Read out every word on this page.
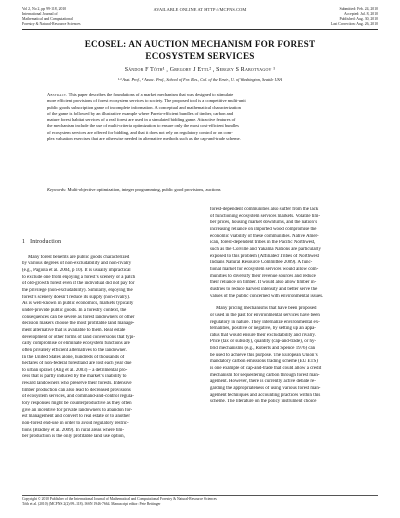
Vol 2, No 2, pp 99-118, 2010
International Journal of
Mathematical and Computational
Forestry & Natural-Resource Sciences
AVAILABLE ONLINE AT HTTP://MCFNS.COM	Submitted: Feb. 24, 2010
Accepted: Jul. 8, 2010
Published: Aug. 30, 2010
Last Correction: Aug. 26, 2010
ECOSEL: AN AUCTION MECHANISM FOR FOREST
ECOSYSTEM SERVICES
Sándor F Tóth¹ , Gregory J Ettl² , Sergey S Rabotyagov ¹
¹·³ Asst. Prof., ² Assoc. Prof., School of For. Res., Col. of the Envir., U. of Washington, Seattle USA
Abstract. This paper describes the foundations of a market mechanism that was designed to stimulate
more efficient provisions of forest ecosystem services to society. The proposed tool is a competitive multi-unit
public goods subscription game of incomplete information. A conceptual and mathematical characterization
of the game is followed by an illustrative example where Pareto-efficient bundles of timber, carbon and
mature forest habitat services of a real forest are used in a simulated bidding game. Attractive features of
the mechanism include the use of multi-criteria optimization to ensure only the most cost-efficient bundles
of ecosystem services are offered for bidding, and that it does not rely on regulatory control or on com-
plex valuation exercises that are otherwise needed in alternative methods such as the cap-and-trade scheme.
Keywords: Multi-objective optimization, integer programming, public good provisions, auctions
1 Introduction
Many forest benefits are public goods characterized
by various degrees of non-excludability and non-rivalry
(e.g., Pagiola et al. 2004, p 10). It is usually impractical
to exclude one from enjoying a forest’s scenery or a patch
of old-growth forest even if the individual did not pay for
the privilege (non-excludability). Similarly, enjoying the
forest’s scenery doesn’t reduce its supply (non-rivalry).
As is well-known in public economics, markets typically
under-provide public goods. In a forestry context, the
consequences can be severe as forest landowners or other
decision makers choose the most profitable land manage-
ment alternative that is available to them. Real estate
development or other forms of land conversions that typi-
cally compromise or eliminate ecosystem functions are
often privately efficient alternatives to the landowner.
In the United States alone, hundreds of thousands of
hectares of non-federal forestland are lost each year due
to urban sprawl (Alig et al. 2003) – a detrimental pro-
cess that is partly induced by the market’s inability to
reward landowners who preserve their forests. Intensive
timber production can also lead to decreased provisions
of ecosystem services, and command-and-control regula-
tory responses might be counterproductive as they often
give an incentive for private landowners to abandon for-
est management and convert to real estate or to another
non-forest end-use in order to avoid regulatory restric-
tions (Bradley et al. 2009). In rural areas where tim-
ber production is the only profitable land use option,
forest-dependent communities also suffer from the lack
of functioning ecosystem services markets. Volatile tim-
ber prices, housing market downturns, and the nation’s
increasing reliance on imported wood compromise the
economic viability of these communities. Native Amer-
ican, forest-dependent tribes in the Pacific Northwest,
such as the Colville and Yakama Nations are particularly
exposed to this problem (Affiliated Tribes of Northwest
Indians Natural Resource Committee 2009). A func-
tional market for ecosystem services would allow com-
munities to diversify their revenue sources and reduce
their reliance on timber. It would also allow timber in-
dustries to reduce harvest intensity and better serve the
values of the public concerned with environmental issues.
Many pricing mechanisms that have been proposed
or used in the past for environmental services have been
regulatory in nature. They internalize environmental ex-
ternalities, positive or negative, by setting up an appa-
ratus that would ensure their excludability and rivalry.
Price (tax or subsidy), quantity (cap-and-trade), or hy-
brid mechanisms (e.g., Roberts and Spence 1976) can
be used to achieve this purpose. The European Union’s
mandatory carbon emissions trading scheme (EU ETS)
is one example of cap-and-trade that could allow a credit
mechanism for sequestering carbon through forest man-
agement. However, there is currently active debate re-
garding the appropriateness of using various forest man-
agement techniques and accounting practices within this
scheme. The literature on the policy instrument choice
Copyright © 2010 Publisher of the International Journal of Mathematical and Computational Forestry & Natural-Resource Sciences
Tóth et al. (2010) (MCFNS 2(2):99–118). ISSN 1946-7664. Manuscript editor: Pete Bettinger
